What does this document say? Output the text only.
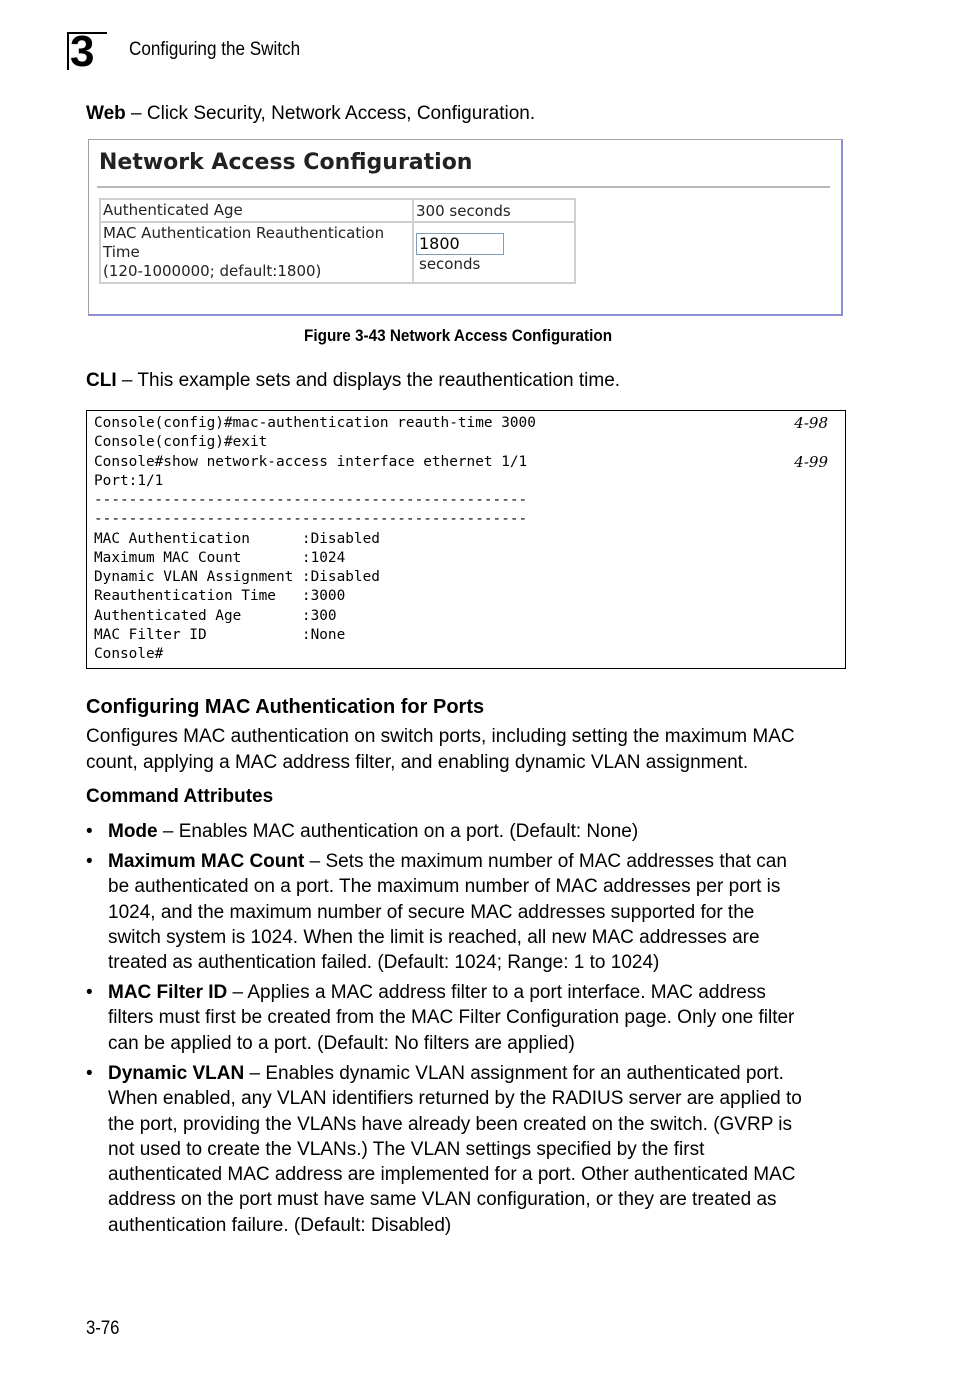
3 Configuring the Switch
Web – Click Security, Network Access, Configuration.
Network Access Configuration
Authenticated Age	300 seconds

MAC Authentication Reauthentication Time
(120-1000000; default:1800)
	1800 seconds
Figure 3-43 Network Access Configuration
CLI – This example sets and displays the reauthentication time.
Console(config)#mac-authentication reauth-time 3000	4-98
Console(config)#exit
Console#show network-access interface ethernet 1/1	4-99
Port:1/1
--------------------------------------------------
--------------------------------------------------
MAC Authentication      :Disabled
Maximum MAC Count       :1024
Dynamic VLAN Assignment :Disabled
Reauthentication Time   :3000
Authenticated Age       :300
MAC Filter ID           :None
Console#
Configuring MAC Authentication for Ports
Configures MAC authentication on switch ports, including setting the maximum MAC
count, applying a MAC address filter, and enabling dynamic VLAN assignment.
Command Attributes
• Mode – Enables MAC authentication on a port. (Default: None)
• Maximum MAC Count – Sets the maximum number of MAC addresses that can
be authenticated on a port. The maximum number of MAC addresses per port is
1024, and the maximum number of secure MAC addresses supported for the
switch system is 1024. When the limit is reached, all new MAC addresses are
treated as authentication failed. (Default: 1024; Range: 1 to 1024)
• MAC Filter ID – Applies a MAC address filter to a port interface. MAC address
filters must first be created from the MAC Filter Configuration page. Only one filter
can be applied to a port. (Default: No filters are applied)
• Dynamic VLAN – Enables dynamic VLAN assignment for an authenticated port.
When enabled, any VLAN identifiers returned by the RADIUS server are applied to
the port, providing the VLANs have already been created on the switch. (GVRP is
not used to create the VLANs.) The VLAN settings specified by the first
authenticated MAC address are implemented for a port. Other authenticated MAC
address on the port must have same VLAN configuration, or they are treated as
authentication failure. (Default: Disabled)
3-76
